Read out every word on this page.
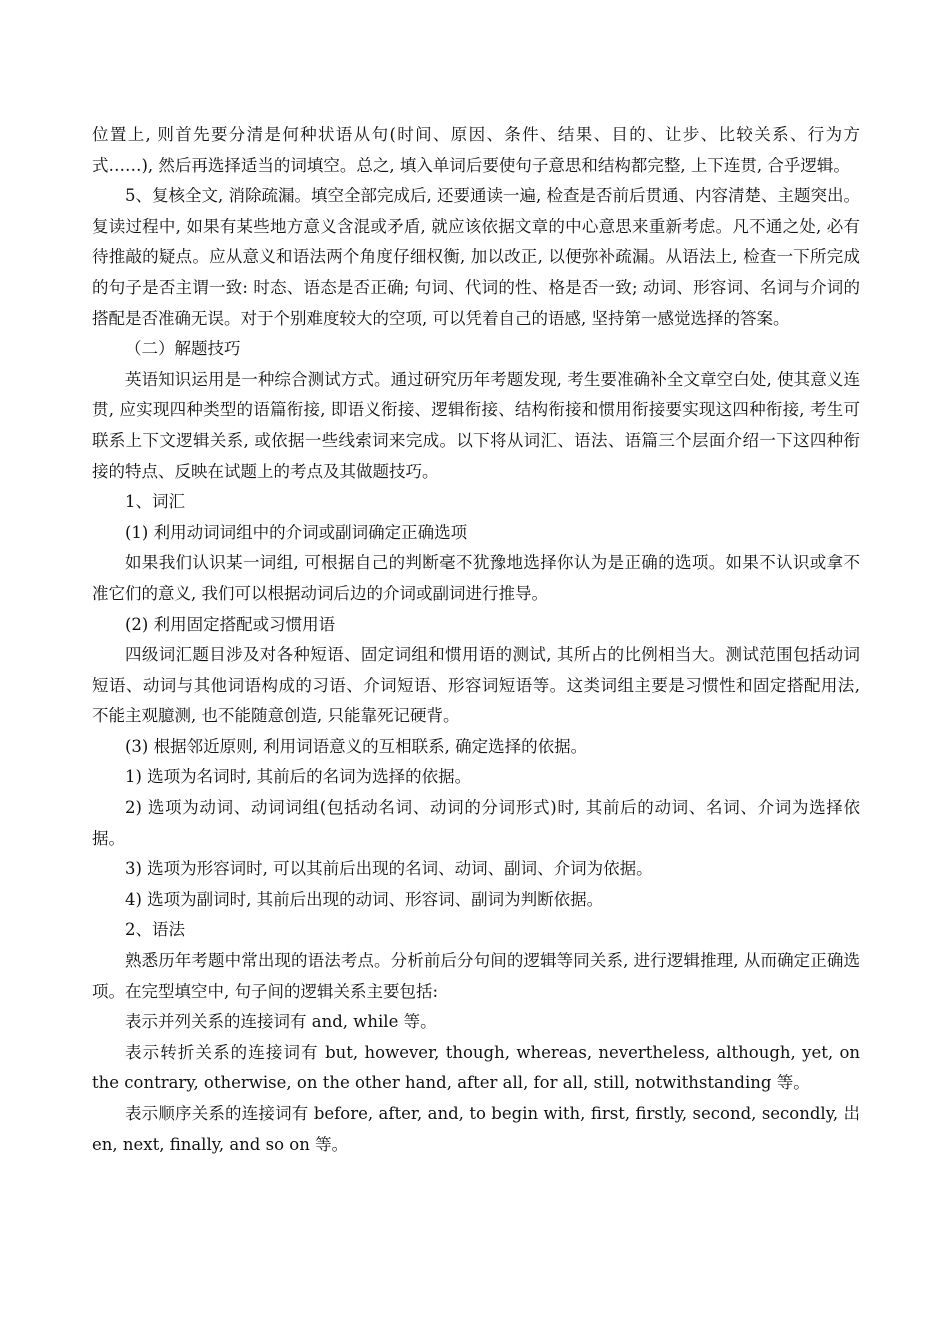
位置上, 则首先要分清是何种状语从句(时间、原因、条件、结果、目的、让步、比较关系、行为方式……), 然后再选择适当的词填空。总之, 填入单词后要使句子意思和结构都完整, 上下连贯, 合乎逻辑。

5、复核全文, 消除疏漏。填空全部完成后, 还要通读一遍, 检查是否前后贯通、内容清楚、主题突出。复读过程中, 如果有某些地方意义含混或矛盾, 就应该依据文章的中心意思来重新考虑。凡不通之处, 必有待推敲的疑点。应从意义和语法两个角度仔细权衡, 加以改正, 以便弥补疏漏。从语法上, 检查一下所完成的句子是否主谓一致: 时态、语态是否正确; 句词、代词的性、格是否一致; 动词、形容词、名词与介词的搭配是否准确无误。对于个别难度较大的空项, 可以凭着自己的语感, 坚持第一感觉选择的答案。

（二）解题技巧

英语知识运用是一种综合测试方式。通过研究历年考题发现, 考生要准确补全文章空白处, 使其意义连贯, 应实现四种类型的语篇衔接, 即语义衔接、逻辑衔接、结构衔接和惯用衔接要实现这四种衔接, 考生可联系上下文逻辑关系, 或依据一些线索词来完成。以下将从词汇、语法、语篇三个层面介绍一下这四种衔接的特点、反映在试题上的考点及其做题技巧。

1、词汇

(1) 利用动词词组中的介词或副词确定正确选项

如果我们认识某一词组, 可根据自己的判断毫不犹豫地选择你认为是正确的选项。如果不认识或拿不准它们的意义, 我们可以根据动词后边的介词或副词进行推导。

(2) 利用固定搭配或习惯用语

四级词汇题目涉及对各种短语、固定词组和惯用语的测试, 其所占的比例相当大。测试范围包括动词短语、动词与其他词语构成的习语、介词短语、形容词短语等。这类词组主要是习惯性和固定搭配用法, 不能主观臆测, 也不能随意创造, 只能靠死记硬背。

(3) 根据邻近原则, 利用词语意义的互相联系, 确定选择的依据。

1) 选项为名词时, 其前后的名词为选择的依据。

2) 选项为动词、动词词组(包括动名词、动词的分词形式)时, 其前后的动词、名词、介词为选择依据。

3) 选项为形容词时, 可以其前后出现的名词、动词、副词、介词为依据。

4) 选项为副词时, 其前后出现的动词、形容词、副词为判断依据。

2、语法

熟悉历年考题中常出现的语法考点。分析前后分句间的逻辑等同关系, 进行逻辑推理, 从而确定正确选项。在完型填空中, 句子间的逻辑关系主要包括:

表示并列关系的连接词有 and, while 等。

表示转折关系的连接词有 but, however, though, whereas, nevertheless, although, yet, on the contrary, otherwise, on the other hand, after all, for all, still, notwithstanding 等。

表示顺序关系的连接词有 before, after, and, to begin with, first, firstly, second, secondly, 岀en, next, finally, and so on 等。
